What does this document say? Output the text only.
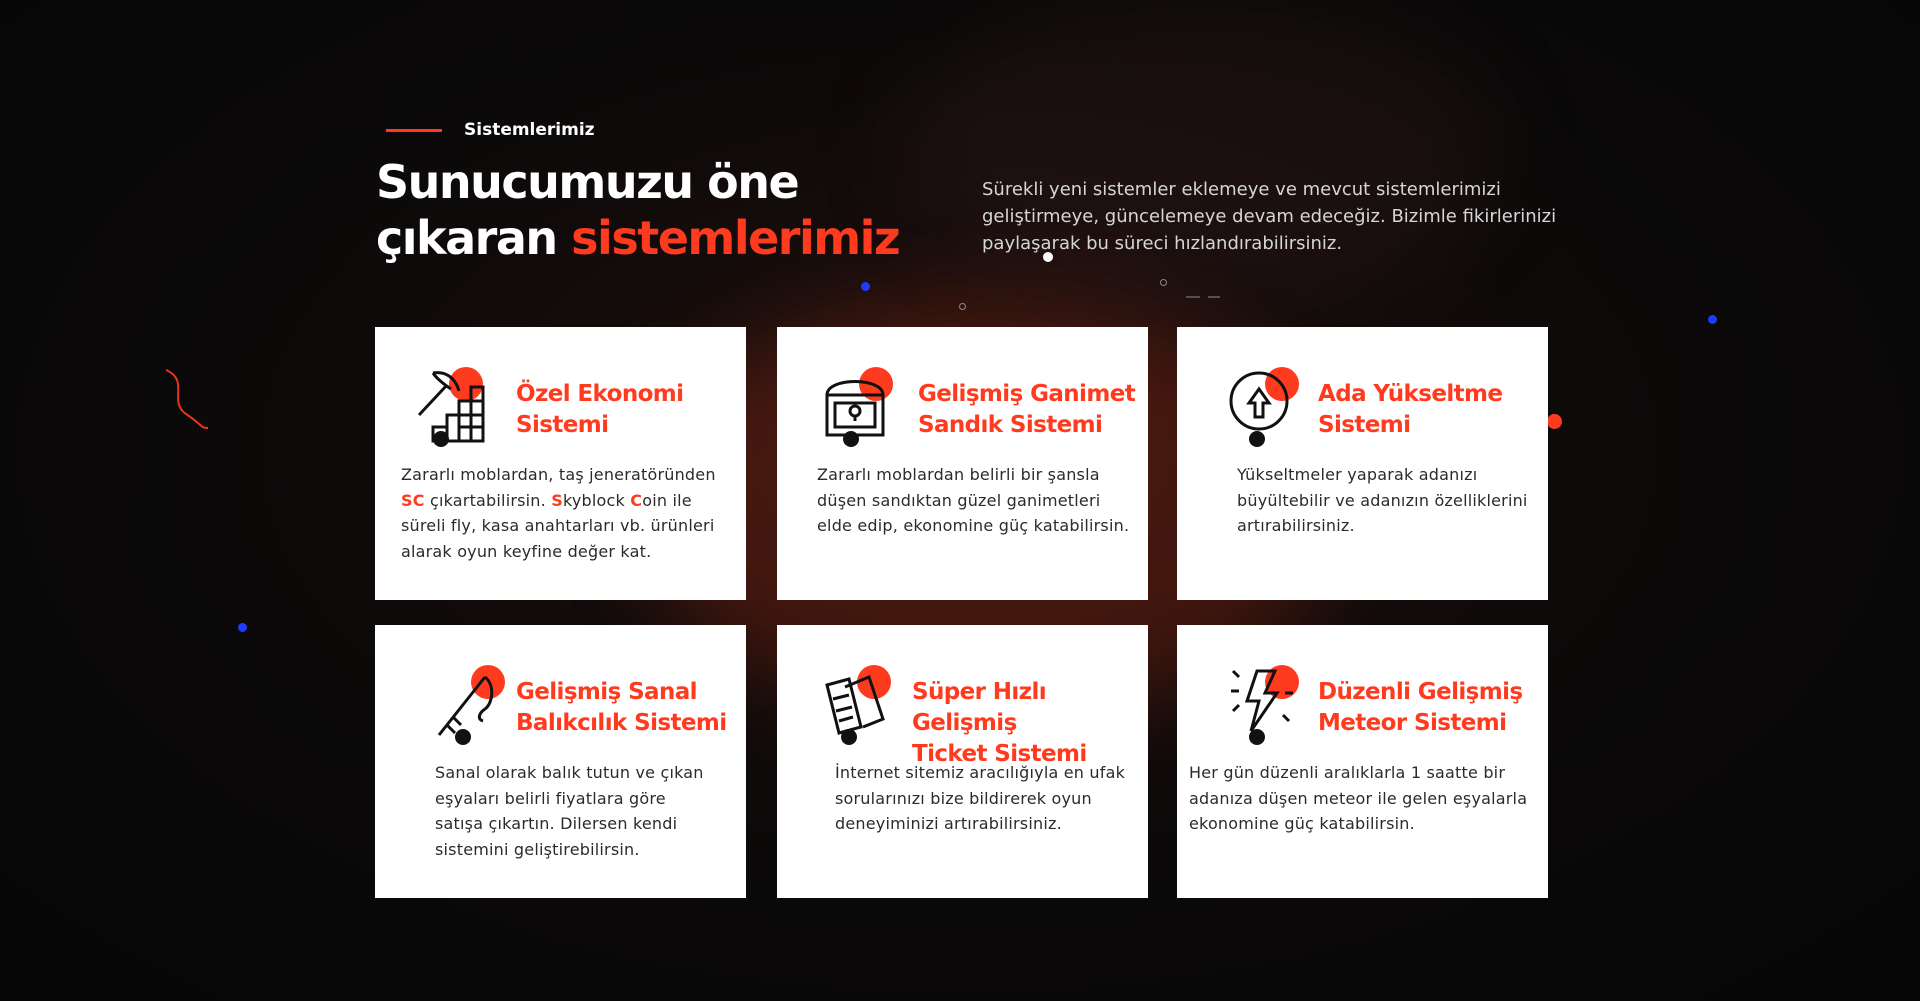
Sistemlerimiz
Sunucumuzu öne
çıkaran sistemlerimiz

Sürekli yeni sistemler eklemeye ve mevcut sistemlerimizi geliştirmeye, güncelemeye devam edeceğiz. Bizimle fikirlerinizi paylaşarak bu süreci hızlandırabilirsiniz.

Özel Ekonomi
Sistemi

Zararlı moblardan, taş jeneratöründen
SC çıkartabilirsin. Skyblock Coin ile
süreli fly, kasa anahtarları vb. ürünleri
alarak oyun keyfine değer kat.

Gelişmiş Ganimet
Sandık Sistemi

Zararlı moblardan belirli bir şansla
düşen sandıktan güzel ganimetleri
elde edip, ekonomine güç katabilirsin.

Ada Yükseltme
Sistemi

Yükseltmeler yaparak adanızı
büyültebilir ve adanızın özelliklerini
artırabilirsiniz.

Gelişmiş Sanal
Balıkcılık Sistemi

Sanal olarak balık tutun ve çıkan
eşyaları belirli fiyatlara göre
satışa çıkartın. Dilersen kendi
sistemini geliştirebilirsin.

Süper Hızlı Gelişmiş
Ticket Sistemi

İnternet sitemiz aracılığıyla en ufak
sorularınızı bize bildirerek oyun
deneyiminizi artırabilirsiniz.

Düzenli Gelişmiş
Meteor Sistemi

Her gün düzenli aralıklarla 1 saatte bir
adanıza düşen meteor ile gelen eşyalarla
ekonomine güç katabilirsin.
